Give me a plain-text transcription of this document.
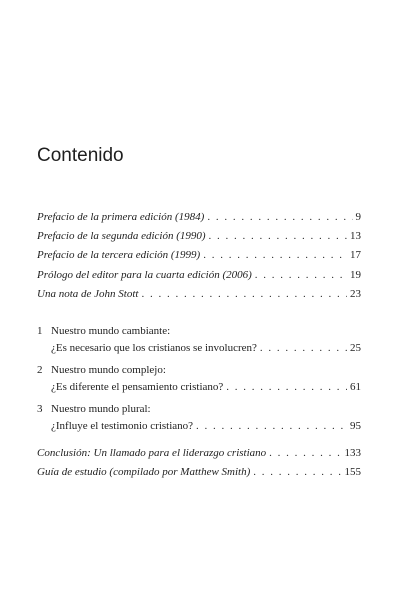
Contenido
Prefacio de la primera edición (1984) . . .	9
Prefacio de la segunda edición (1990) . . .	13
Prefacio de la tercera edición (1999) . . .	17
Prólogo del editor para la cuarta edición (2006) . . .	19
Una nota de John Stott . . .	23
1 Nuestro mundo cambiante:
¿Es necesario que los cristianos se involucren? . . .	25
2 Nuestro mundo complejo:
¿Es diferente el pensamiento cristiano? . . .	61
3 Nuestro mundo plural:
¿Influye el testimonio cristiano? . . .	95
Conclusión: Un llamado para el liderazgo cristiano . . .	133
Guía de estudio (compilado por Matthew Smith) . . .	155
